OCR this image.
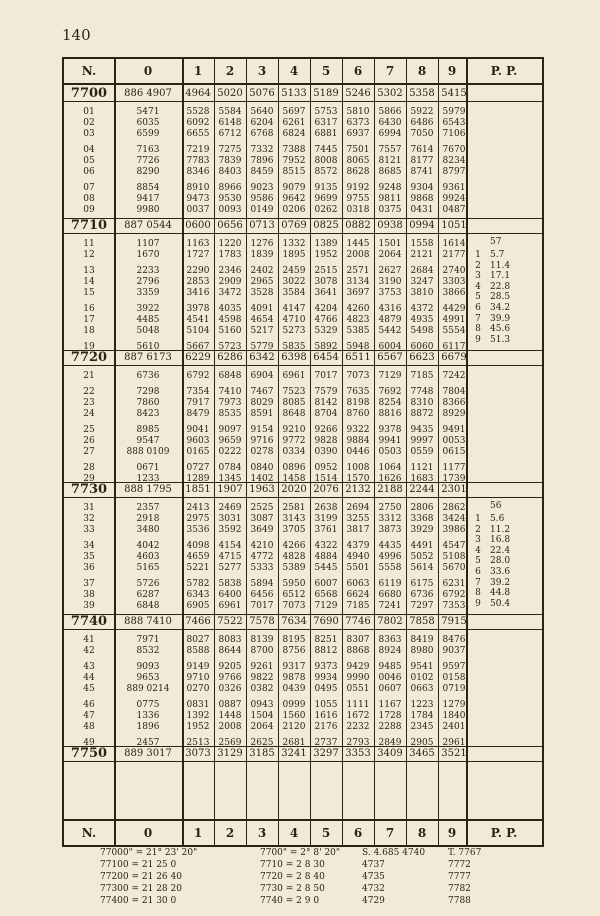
140
N.	0	1	2	3	4	5	6	7	8	9	P. P.
7700	886 4907	4964 5020 5076 5133 5189 5246 5302 5358 5415
01	5471	5528	5584	5640	5697	5753	5810	5866	5922	5979
02	6035	6092	6148	6204	6261	6317	6373	6430	6486	6543
03	6599	6655	6712	6768	6824	6881	6937	6994	7050	7106
04	7163	7219	7275	7332	7388	7445	7501	7557	7614	7670
05	7726	7783	7839	7896	7952	8008	8065	8121	8177	8234
06	8290	8346	8403	8459	8515	8572	8628	8685	8741	8797
07	8854	8910	8966	9023	9079	9135	9192	9248	9304	9361
08	9417	9473	9530	9586	9642	9699	9755	9811	9868	9924
09	9980	0037	0093	0149	0206	0262	0318	0375	0431	0487
7710	887 0544	0600 0656 0713 0769 0825 0882 0938 0994 1051
11	1107	1163	1220	1276	1332	1389	1445	1501	1558	1614
12	1670	1727	1783	1839	1895	1952	2008	2064	2121	2177
13	2233	2290	2346	2402	2459	2515	2571	2627	2684	2740
14	2796	2853	2909	2965	3022	3078	3134	3190	3247	3303
15	3359	3416	3472	3528	3584	3641	3697	3753	3810	3866
16	3922	3978	4035	4091	4147	4204	4260	4316	4372	4429
17	4485	4541	4598	4654	4710	4766	4823	4879	4935	4991
18	5048	5104	5160	5217	5273	5329	5385	5442	5498	5554
19	5610	5667	5723	5779	5835	5892	5948	6004	6060	6117
7720	887 6173	6229 6286 6342 6398 6454 6511 6567 6623 6679
21	6736	6792	6848	6904	6961	7017	7073	7129	7185	7242
22	7298	7354	7410	7467	7523	7579	7635	7692	7748	7804
23	7860	7917	7973	8029	8085	8142	8198	8254	8310	8366
24	8423	8479	8535	8591	8648	8704	8760	8816	8872	8929
25	8985	9041	9097	9154	9210	9266	9322	9378	9435	9491
26	9547	9603	9659	9716	9772	9828	9884	9941	9997	0053
27	888 0109	0165	0222	0278	0334	0390	0446	0503	0559	0615
28	0671	0727	0784	0840	0896	0952	1008	1064	1121	1177
29	1233	1289	1345	1402	1458	1514	1570	1626	1683	1739
7730	888 1795	1851 1907 1963 2020 2076 2132 2188 2244 2301
31	2357	2413	2469	2525	2581	2638	2694	2750	2806	2862
32	2918	2975	3031	3087	3143	3199	3255	3312	3368	3424
33	3480	3536	3592	3649	3705	3761	3817	3873	3929	3986
34	4042	4098	4154	4210	4266	4322	4379	4435	4491	4547
35	4603	4659	4715	4772	4828	4884	4940	4996	5052	5108
36	5165	5221	5277	5333	5389	5445	5501	5558	5614	5670
37	5726	5782	5838	5894	5950	6007	6063	6119	6175	6231
38	6287	6343	6400	6456	6512	6568	6624	6680	6736	6792
39	6848	6905	6961	7017	7073	7129	7185	7241	7297	7353
7740	888 7410	7466 7522 7578 7634 7690 7746 7802 7858 7915
41	7971	8027	8083	8139	8195	8251	8307	8363	8419	8476
42	8532	8588	8644	8700	8756	8812	8868	8924	8980	9037
43	9093	9149	9205	9261	9317	9373	9429	9485	9541	9597
44	9653	9710	9766	9822	9878	9934	9990	0046	0102	0158
45	889 0214	0270	0326	0382	0439	0495	0551	0607	0663	0719
46	0775	0831	0887	0943	0999	1055	1111	1167	1223	1279
47	1336	1392	1448	1504	1560	1616	1672	1728	1784	1840
48	1896	1952	2008	2064	2120	2176	2232	2288	2345	2401
49	2457	2513	2569	2625	2681	2737	2793	2849	2905	2961
7750	889 3017	3073 3129 3185 3241 3297 3353 3409 3465 3521
N.	0	1	2	3	4	5	6	7	8	9	P. P.
57
1	5.7
2	11.4
3	17.1
4	22.8
5	28.5
6	34.2
7	39.9
8	45.6
9	51.3
56
1	5.6
2	11.2
3	16.8
4	22.4
5	28.0
6	33.6
7	39.2
8	44.8
9	50.4
77000" = 21° 23' 20"	7700" = 2° 8' 20" S. 4.685 4740	T. 7767
77100 = 21 25 0	7710 = 2 8 30	4737	7772
77200 = 21 26 40	7720 = 2 8 40	4735	7777
77300 = 21 28 20	7730 = 2 8 50	4732	7782
77400 = 21 30 0	7740 = 2 9 0	4729	7788
